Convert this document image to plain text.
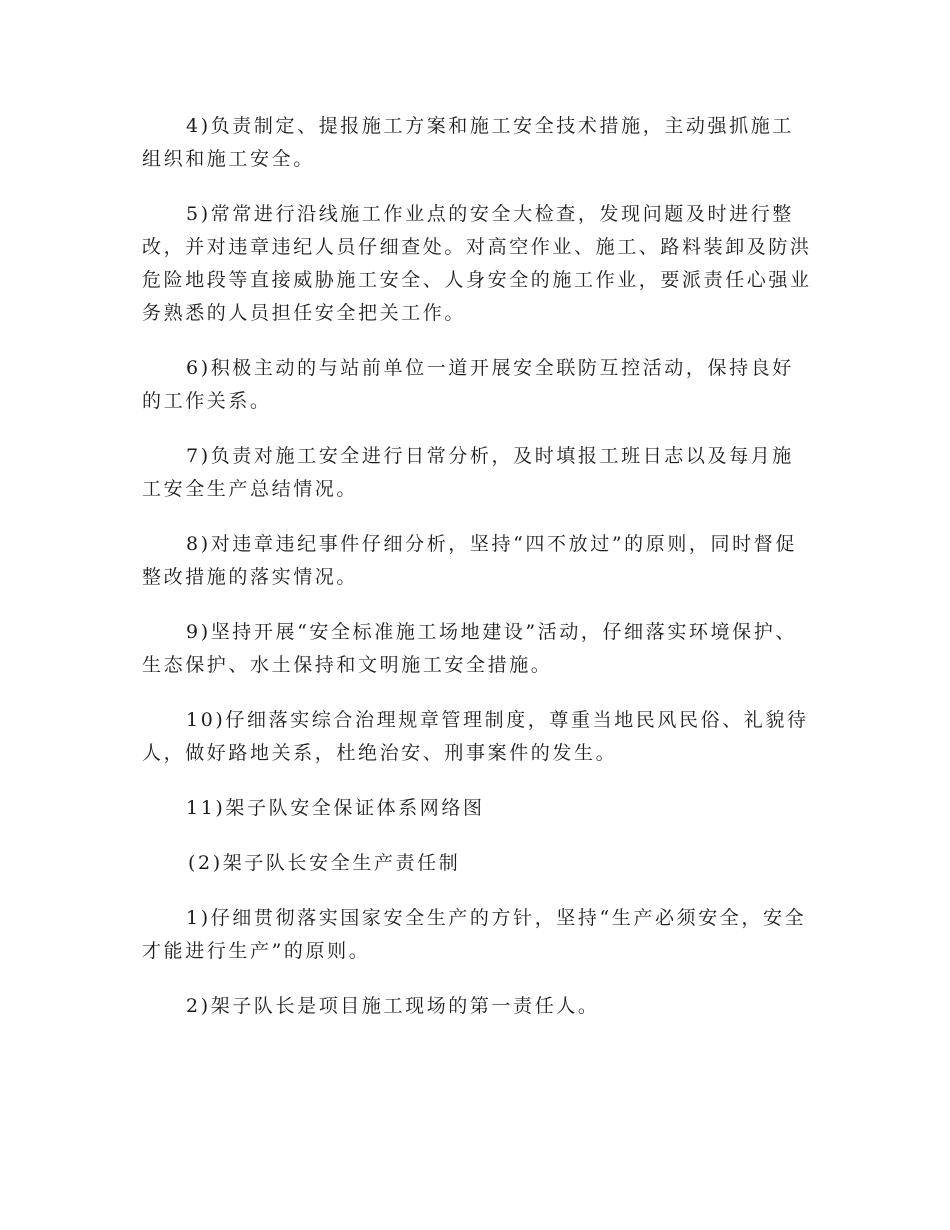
4)负责制定、提报施工方案和施工安全技术措施，主动强抓施工组织和施工安全。

5)常常进行沿线施工作业点的安全大检查，发现问题及时进行整改，并对违章违纪人员仔细查处。对高空作业、施工、路料装卸及防洪危险地段等直接威胁施工安全、人身安全的施工作业，要派责任心强业务熟悉的人员担任安全把关工作。

6)积极主动的与站前单位一道开展安全联防互控活动，保持良好的工作关系。

7)负责对施工安全进行日常分析，及时填报工班日志以及每月施工安全生产总结情况。

8)对违章违纪事件仔细分析，坚持“四不放过”的原则，同时督促整改措施的落实情况。

9)坚持开展“安全标准施工场地建设”活动，仔细落实环境保护、生态保护、水土保持和文明施工安全措施。

10)仔细落实综合治理规章管理制度，尊重当地民风民俗、礼貌待人，做好路地关系，杜绝治安、刑事案件的发生。

11)架子队安全保证体系网络图

(2)架子队长安全生产责任制

1)仔细贯彻落实国家安全生产的方针，坚持“生产必须安全，安全才能进行生产”的原则。

2)架子队长是项目施工现场的第一责任人。
